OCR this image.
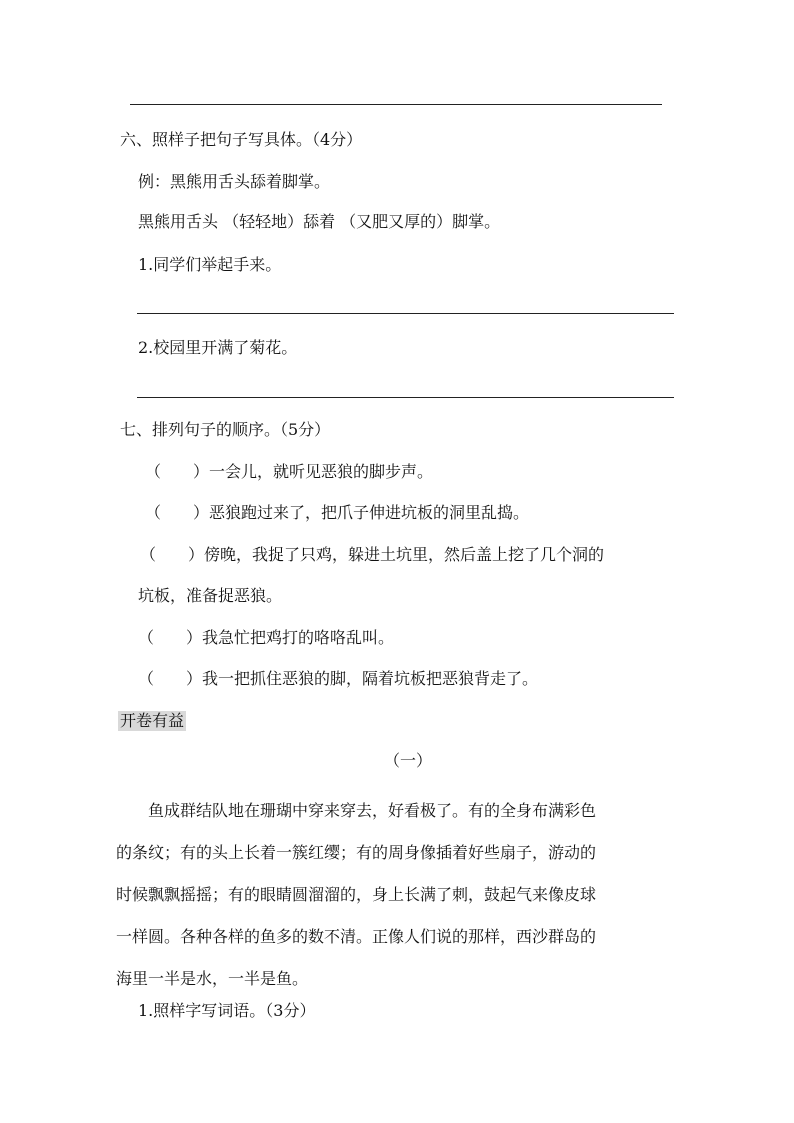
六、照样子把句子写具体。（4分）
例：黑熊用舌头舔着脚掌。
黑熊用舌头 （轻轻地）舔着 （又肥又厚的）脚掌。
1.同学们举起手来。
2.校园里开满了菊花。
七、排列句子的顺序。（5分）
（　　）一会儿，就听见恶狼的脚步声。
（　　）恶狼跑过来了，把爪子伸进坑板的洞里乱捣。
（　　）傍晚，我捉了只鸡，躲进土坑里，然后盖上挖了几个洞的
坑板，准备捉恶狼。
（　　）我急忙把鸡打的咯咯乱叫。
（　　）我一把抓住恶狼的脚，隔着坑板把恶狼背走了。
开卷有益
（一）
　　鱼成群结队地在珊瑚中穿来穿去，好看极了。有的全身布满彩色
的条纹；有的头上长着一簇红缨；有的周身像插着好些扇子，游动的
时候飘飘摇摇；有的眼睛圆溜溜的，身上长满了刺，鼓起气来像皮球
一样圆。各种各样的鱼多的数不清。正像人们说的那样，西沙群岛的
海里一半是水，一半是鱼。
1.照样字写词语。（3分）
